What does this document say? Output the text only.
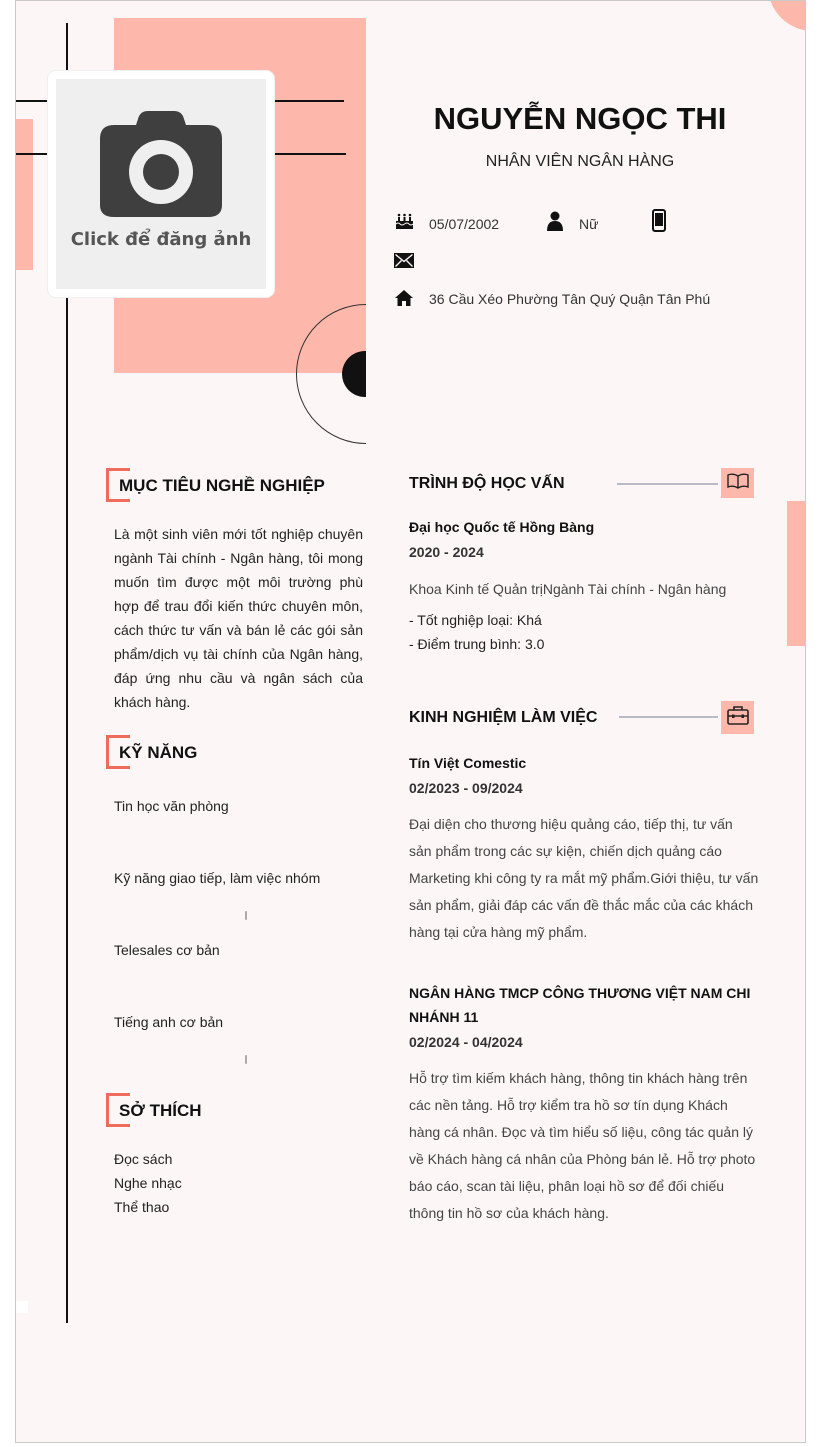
Click để đăng ảnh
NGUYỄN NGỌC THI
NHÂN VIÊN NGÂN HÀNG
05/07/2002	Nữ
36 Cầu Xéo Phường Tân Quý Quận Tân Phú
MỤC TIÊU NGHỀ NGHIỆP
Là một sinh viên mới tốt nghiệp chuyên ngành Tài chính - Ngân hàng, tôi mong muốn tìm được một môi trường phù hợp để trau đổi kiến thức chuyên môn, cách thức tư vấn và bán lẻ các gói sản phẩm/dịch vụ tài chính của Ngân hàng, đáp ứng nhu cầu và ngân sách của khách hàng.
KỸ NĂNG
Tin học văn phòng
Kỹ năng giao tiếp, làm việc nhóm
Telesales cơ bản
Tiếng anh cơ bản
SỞ THÍCH
Đọc sách
Nghe nhạc
Thể thao
TRÌNH ĐỘ HỌC VẤN
Đại học Quốc tế Hồng Bàng
2020 - 2024
Khoa Kinh tế Quản trịNgành Tài chính - Ngân hàng
- Tốt nghiệp loại: Khá
- Điểm trung bình: 3.0
KINH NGHIỆM LÀM VIỆC
Tín Việt Comestic
02/2023 - 09/2024
Đại diện cho thương hiệu quảng cáo, tiếp thị, tư vấn sản phẩm trong các sự kiện, chiến dịch quảng cáo Marketing khi công ty ra mắt mỹ phẩm.Giới thiệu, tư vấn sản phẩm, giải đáp các vấn đề thắc mắc của các khách hàng tại cửa hàng mỹ phẩm.
NGÂN HÀNG TMCP CÔNG THƯƠNG VIỆT NAM CHI NHÁNH 11
02/2024 - 04/2024
Hỗ trợ tìm kiếm khách hàng, thông tin khách hàng trên các nền tảng. Hỗ trợ kiểm tra hồ sơ tín dụng Khách hàng cá nhân. Đọc và tìm hiểu số liệu, công tác quản lý về Khách hàng cá nhân của Phòng bán lẻ. Hỗ trợ photo báo cáo, scan tài liệu, phân loại hồ sơ để đối chiếu thông tin hồ sơ của khách hàng.
